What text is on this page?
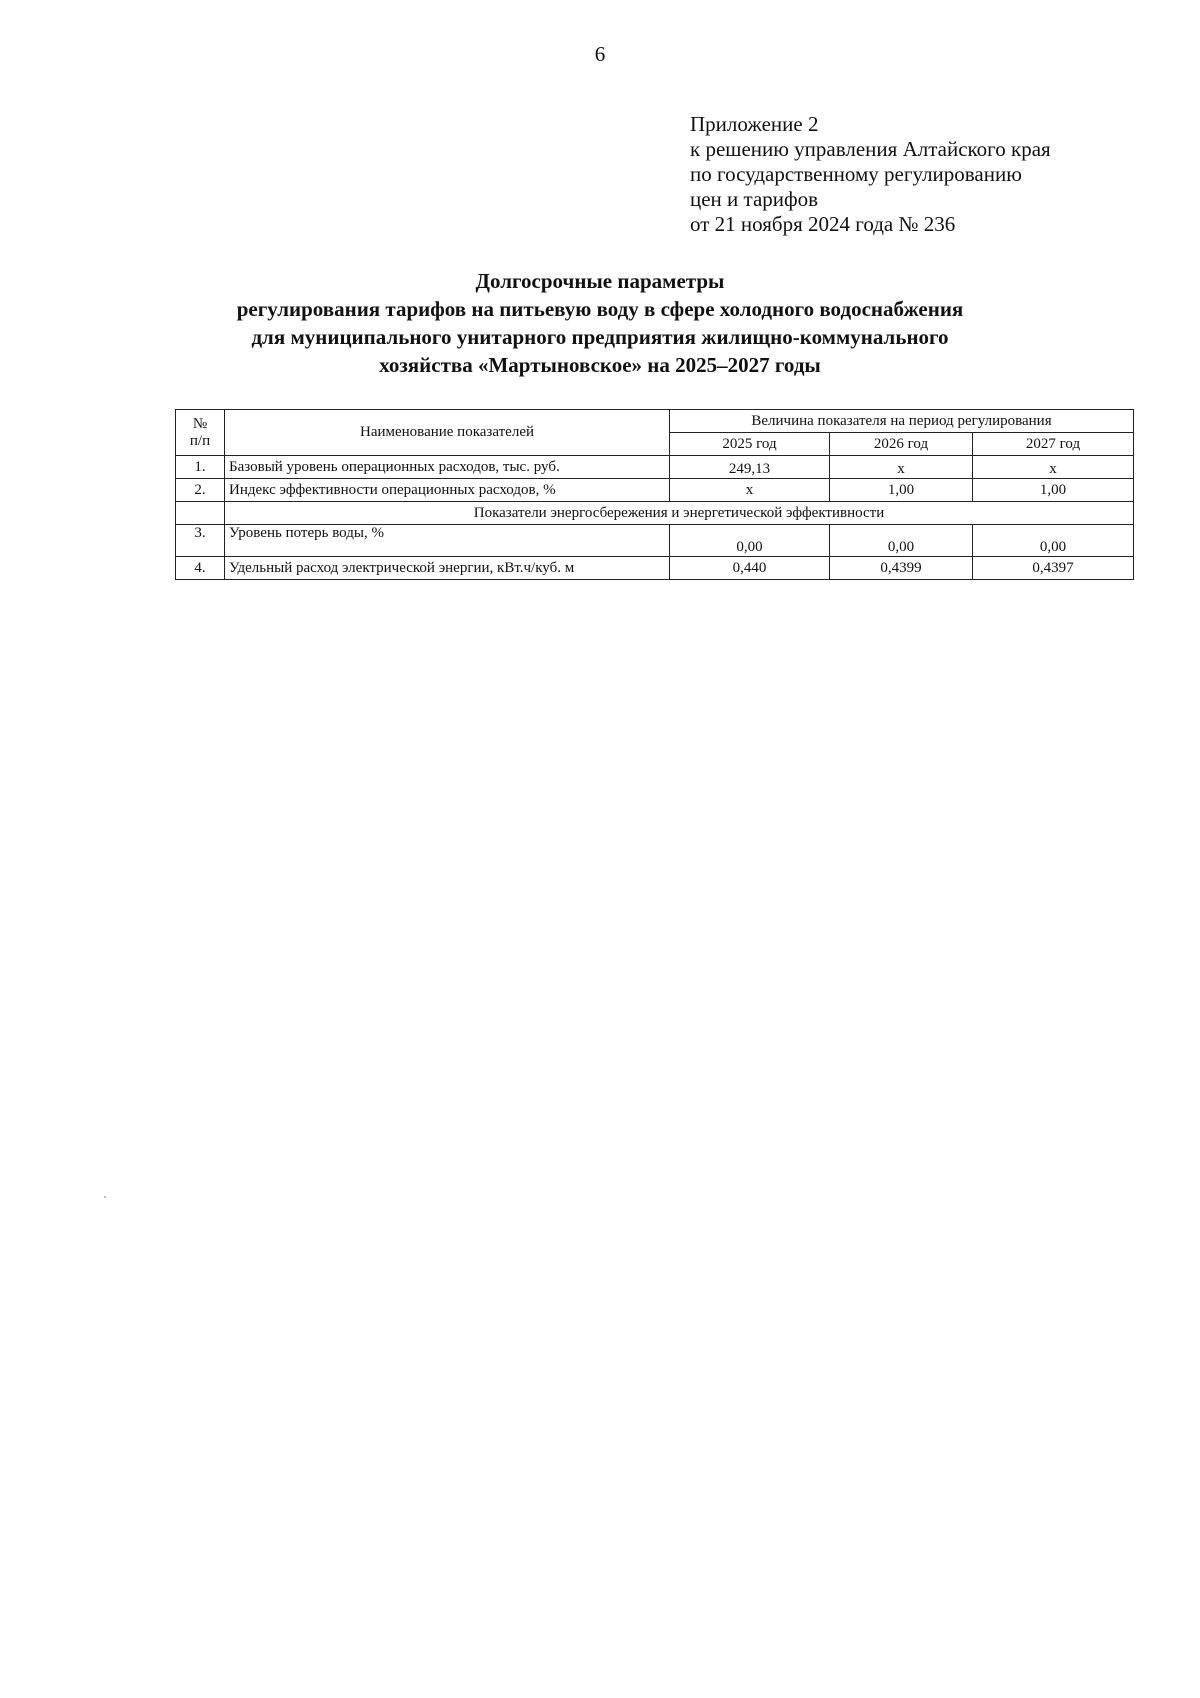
6
Приложение 2
к решению управления Алтайского края
по государственному регулированию
цен и тарифов
от 21 ноября 2024 года № 236
Долгосрочные параметры
регулирования тарифов на питьевую воду в сфере холодного водоснабжения
для муниципального унитарного предприятия жилищно-коммунального
хозяйства «Мартыновское» на 2025–2027 годы
№
п/п	Наименование показателей	Величина показателя на период регулирования		
		2025 год	2026 год	2027 год
1.	Базовый уровень операционных расходов, тыс. руб.	249,13	х	х
2.	Индекс эффективности операционных расходов, %	х	1,00	1,00
	Показатели энергосбережения и энергетической эффективности			
3.	Уровень потерь воды, %	0,00	0,00	0,00
4.	Удельный расход электрической энергии, кВт.ч/куб. м	0,440	0,4399	0,4397
